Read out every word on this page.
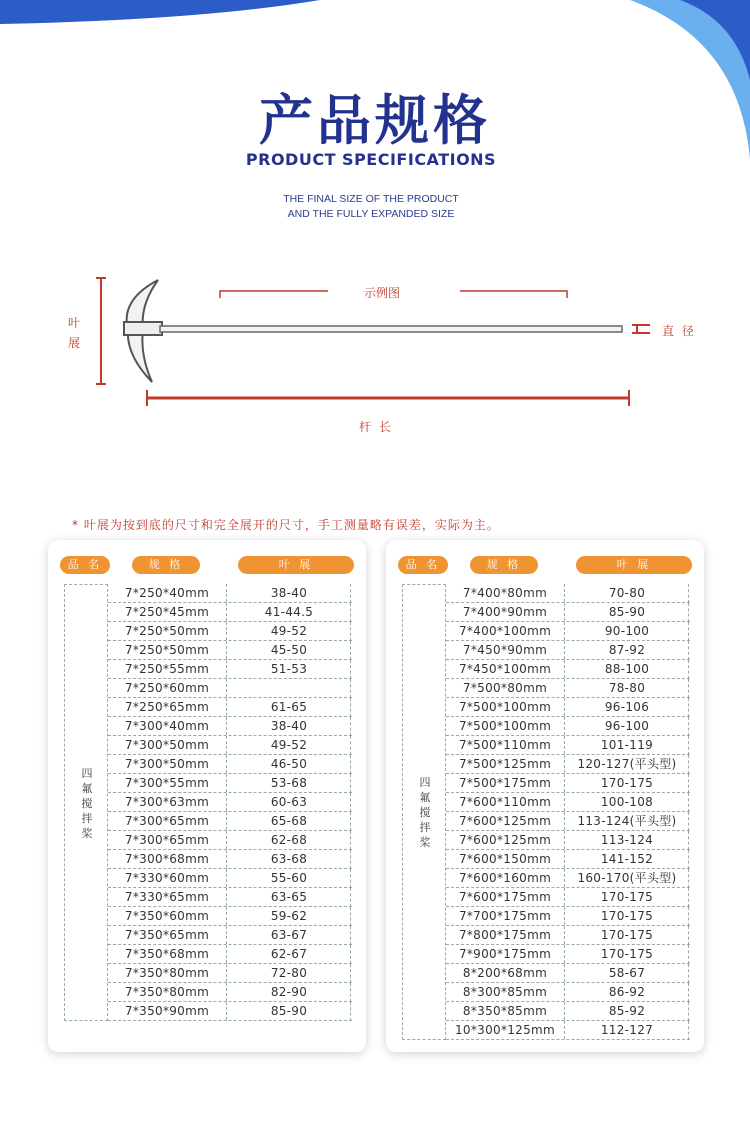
产品规格
PRODUCT SPECIFICATIONS
THE FINAL SIZE OF THE PRODUCT
AND THE FULLY EXPANDED SIZE
叶
展
示例图
直 径
杆 长
* 叶展为按到底的尺寸和完全展开的尺寸，手工测量略有误差，实际为主。
品 名	规 格	叶 展
四
氟
搅
拌
桨
7*250*40mm	38-40
7*250*45mm	41-44.5
7*250*50mm	49-52
7*250*50mm	45-50
7*250*55mm	51-53
7*250*60mm
7*250*65mm	61-65
7*300*40mm	38-40
7*300*50mm	49-52
7*300*50mm	46-50
7*300*55mm	53-68
7*300*63mm	60-63
7*300*65mm	65-68
7*300*65mm	62-68
7*300*68mm	63-68
7*330*60mm	55-60
7*330*65mm	63-65
7*350*60mm	59-62
7*350*65mm	63-67
7*350*68mm	62-67
7*350*80mm	72-80
7*350*80mm	82-90
7*350*90mm	85-90
品 名	规 格	叶 展
四
氟
搅
拌
桨
7*400*80mm	70-80
7*400*90mm	85-90
7*400*100mm	90-100
7*450*90mm	87-92
7*450*100mm	88-100
7*500*80mm	78-80
7*500*100mm	96-106
7*500*100mm	96-100
7*500*110mm	101-119
7*500*125mm	120-127(平头型)
7*500*175mm	170-175
7*600*110mm	100-108
7*600*125mm	113-124(平头型)
7*600*125mm	113-124
7*600*150mm	141-152
7*600*160mm	160-170(平头型)
7*600*175mm	170-175
7*700*175mm	170-175
7*800*175mm	170-175
7*900*175mm	170-175
8*200*68mm	58-67
8*300*85mm	86-92
8*350*85mm	85-92
10*300*125mm	112-127
